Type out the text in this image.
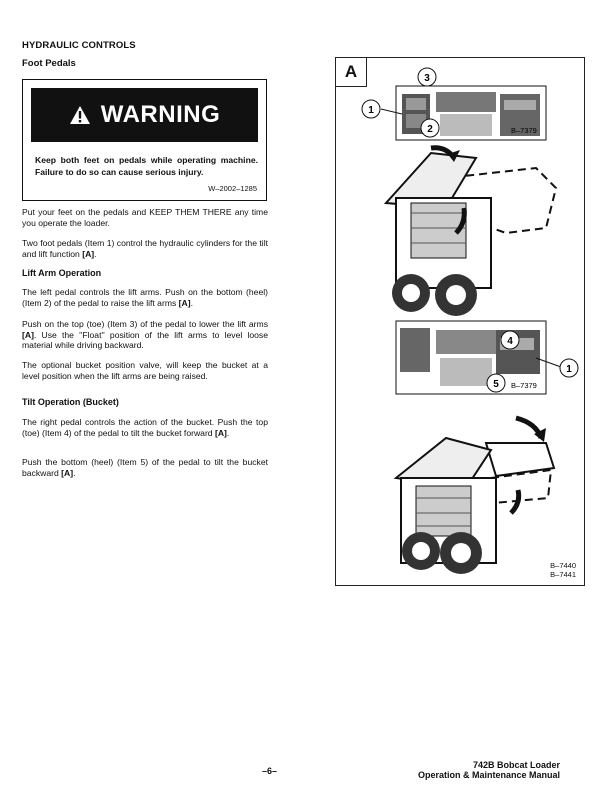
HYDRAULIC CONTROLS
Foot Pedals
WARNING
Keep both feet on pedals while operating machine. Failure to do so can cause serious injury.
W–2002–1285
Put your feet on the pedals and KEEP THEM THERE any time you operate the loader.
Two foot pedals (Item 1) control the hydraulic cylinders for the tilt and lift function [A].
Lift Arm Operation
The left pedal controls the lift arms. Push on the bottom (heel) (Item 2) of the pedal to raise the lift arms [A].
Push on the top (toe) (Item 3) of the pedal to lower the lift arms [A]. Use the ''Float'' position of the lift arms to level loose material while driving backward.
The optional bucket position valve, will keep the bucket at a level position when the lift arms are being raised.
Tilt Operation (Bucket)
The right pedal controls the action of the bucket. Push the top (toe) (Item 4) of the pedal to tilt the bucket forward [A].
Push the bottom (heel) (Item 5) of the pedal to tilt the bucket backward [A].
A
1
2
3
B–7379
4
5
1
B–7379
B–7440
B–7441
–6–
742B Bobcat Loader
Operation & Maintenance Manual
